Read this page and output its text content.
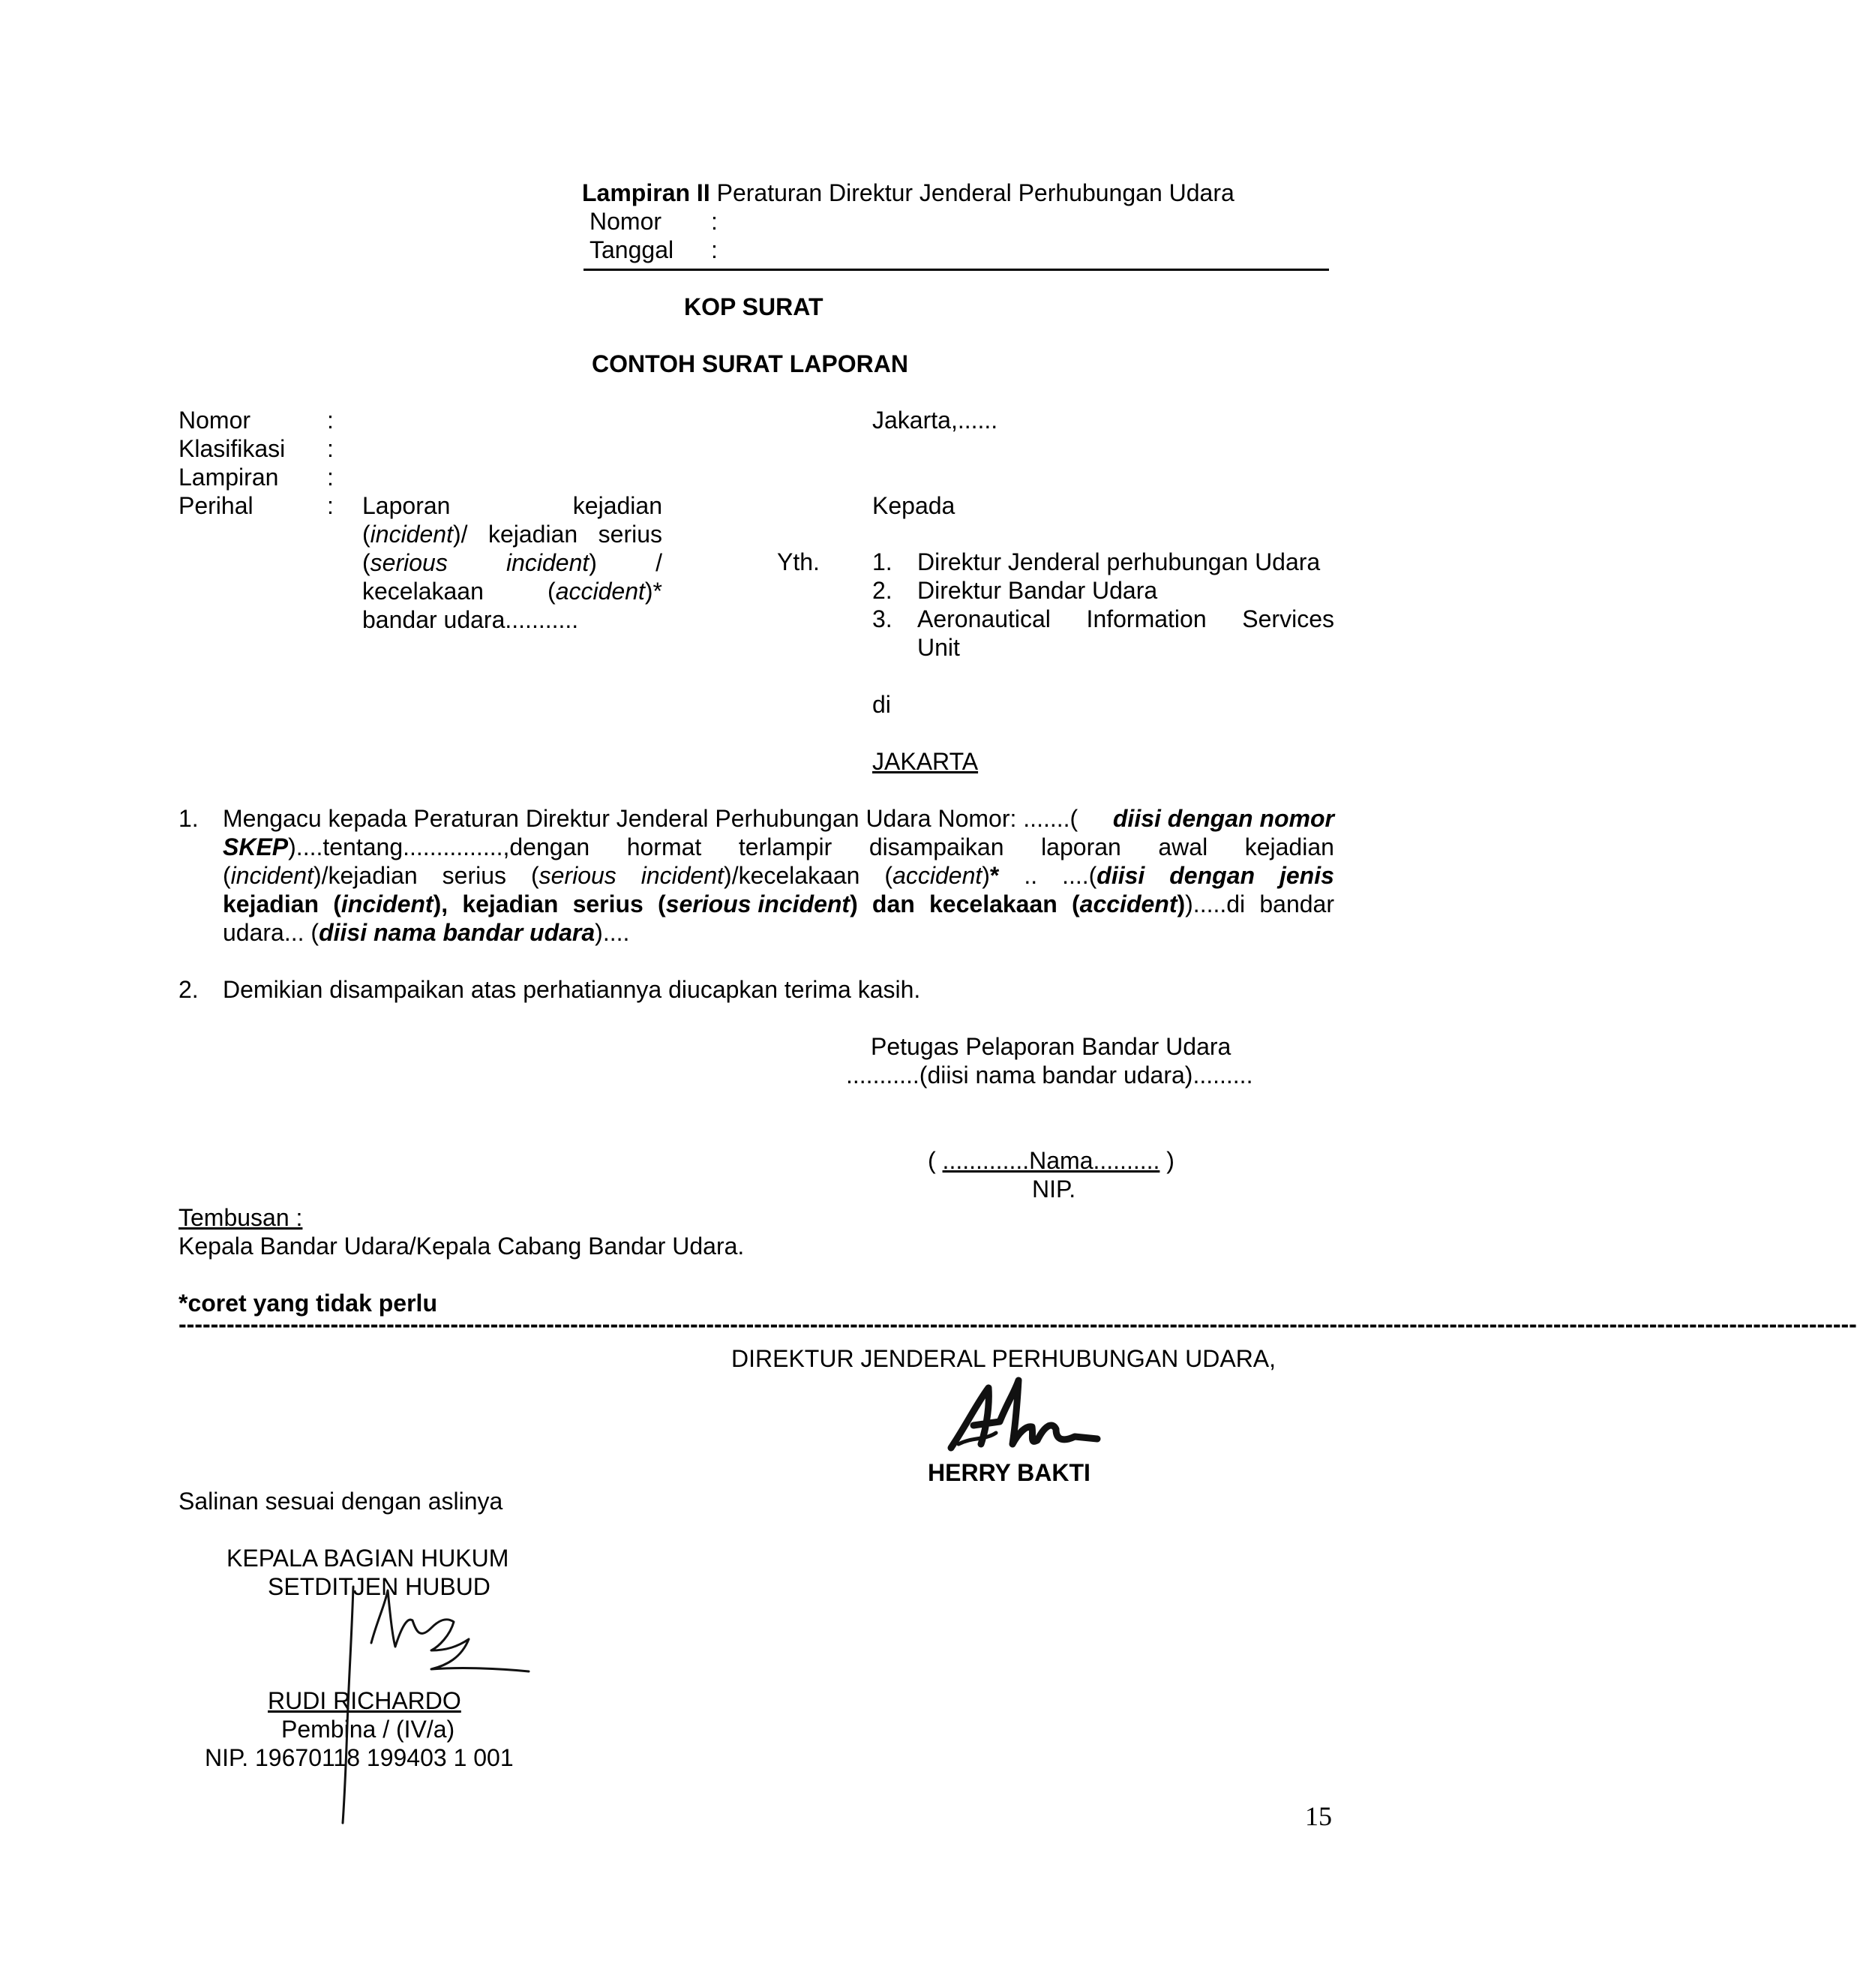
Lampiran II Peraturan Direktur Jenderal Perhubungan Udara
Nomor :
Tanggal :
KOP SURAT
CONTOH SURAT LAPORAN
Nomor	:
Klasifikasi :
Lampiran :
Perihal	: Laporan	kejadian
(incident)/ kejadian serius
(serious incident) /
kecelakaan	(accident)*
bandar udara...........
Jakarta,......
Kepada
Yth. 1. Direktur Jenderal perhubungan Udara
2. Direktur Bandar Udara
3. Aeronautical Information Services
Unit
di
JAKARTA
1. Mengacu kepada Peraturan Direktur Jenderal Perhubungan Udara Nomor: .......( diisi dengan nomor
SKEP)....tentang...............,dengan hormat terlampir disampaikan laporan awal kejadian
(incident)/kejadian serius (serious incident)/kecelakaan (accident)* .. ....(diisi dengan jenis
kejadian (incident), kejadian serius (serious incident) dan kecelakaan (accident)).....di bandar
udara... (diisi nama bandar udara)....
2. Demikian disampaikan atas perhatiannya diucapkan terima kasih.
Petugas Pelaporan Bandar Udara
...........(diisi nama bandar udara).........
( .............Nama.......... )
NIP.
Tembusan :
Kepala Bandar Udara/Kepala Cabang Bandar Udara.
*coret yang tidak perlu
------------------------------------------------------------------------------------------------------------------------------------------------------------------------------------------------------------------
DIREKTUR JENDERAL PERHUBUNGAN UDARA,
HERRY BAKTI
Salinan sesuai dengan aslinya
KEPALA BAGIAN HUKUM
SETDITJEN HUBUD
RUDI RICHARDO
Pembina / (IV/a)
NIP. 19670118 199403 1 001
15
